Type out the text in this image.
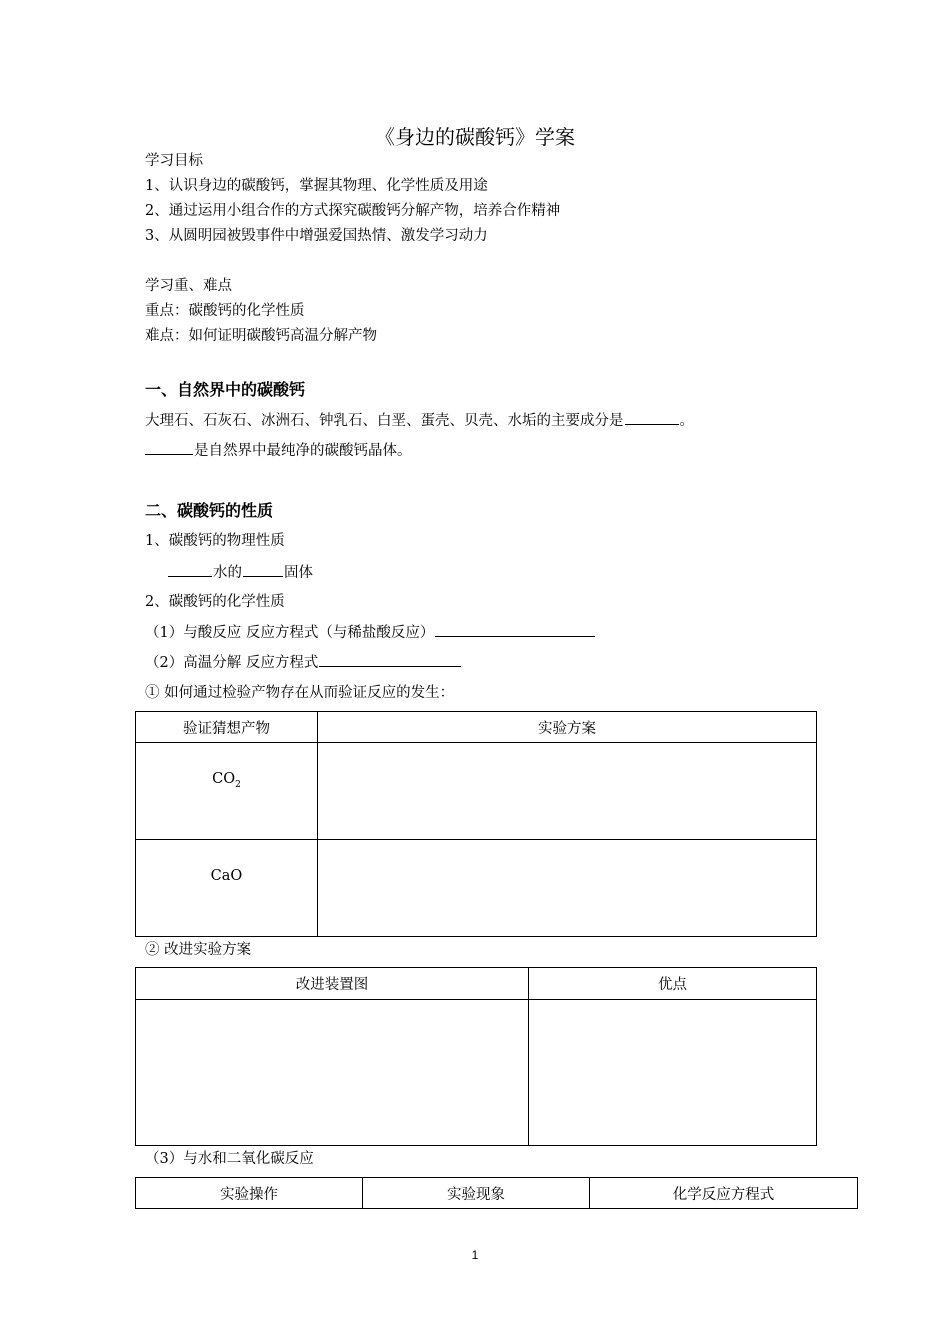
《身边的碳酸钙》学案
学习目标
1、认识身边的碳酸钙，掌握其物理、化学性质及用途
2、通过运用小组合作的方式探究碳酸钙分解产物，培养合作精神
3、从圆明园被毁事件中增强爱国热情、激发学习动力
学习重、难点
重点：碳酸钙的化学性质
难点：如何证明碳酸钙高温分解产物
一、自然界中的碳酸钙
大理石、石灰石、冰洲石、钟乳石、白垩、蛋壳、贝壳、水垢的主要成分是	。
是自然界中最纯净的碳酸钙晶体。
二、碳酸钙的性质
1、碳酸钙的物理性质
水的	固体
2、碳酸钙的化学性质
（1）与酸反应 反应方程式（与稀盐酸反应）
（2）高温分解 反应方程式
① 如何通过检验产物存在从而验证反应的发生：
验证猜想产物	实验方案

$CO_2$

CaO	

② 改进实验方案
改进装置图	优点

（3）与水和二氧化碳反应
实验操作	实验现象	化学反应方程式
1
